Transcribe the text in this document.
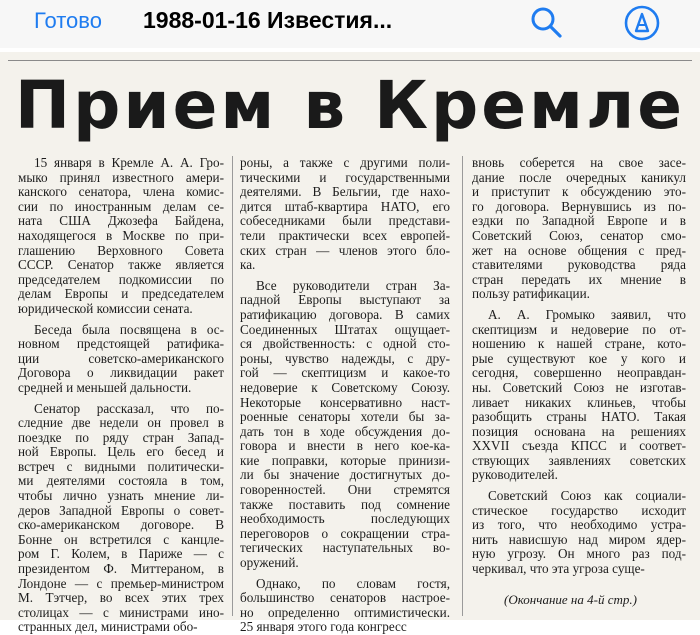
Готово 1988-01-16 Известия...
Прием в Кремле
15 января в Кремле А. А. Гро-
мыко принял известного амери-
канского сенатора, члена комис-
сии по иностранным делам се-
ната США Джозефа Байдена,
находящегося в Москве по при-
глашению Верховного Совета
СССР. Сенатор также является
председателем подкомиссии по
делам Европы и председателем
юридической комиссии сената.
Беседа была посвящена в ос-
новном предстоящей ратифика-
ции советско-американского
Договора о ликвидации ракет
средней и меньшей дальности.
Сенатор рассказал, что по-
следние две недели он провел в
поездке по ряду стран Запад-
ной Европы. Цель его бесед и
встреч с видными политически-
ми деятелями состояла в том,
чтобы лично узнать мнение ли-
деров Западной Европы о совет-
ско-американском договоре. В
Бонне он встретился с канцле-
ром Г. Колем, в Париже — с
президентом Ф. Миттераном, в
Лондоне — с премьер-министром
М. Тэтчер, во всех этих трех
столицах — с министрами ино-
странных дел, министрами обо-
роны, а также с другими поли-
тическими и государственными
деятелями. В Бельгии, где нахо-
дится штаб-квартира НАТО, его
собеседниками были представи-
тели практически всех европей-
ских стран — членов этого бло-
ка.
Все руководители стран За-
падной Европы выступают за
ратификацию договора. В самих
Соединенных Штатах ощущает-
ся двойственность: с одной сто-
роны, чувство надежды, с дру-
гой — скептицизм и какое-то
недоверие к Советскому Союзу.
Некоторые консервативно наст-
роенные сенаторы хотели бы за-
дать тон в ходе обсуждения до-
говора и внести в него кое-ка-
кие поправки, которые принизи-
ли бы значение достигнутых до-
говоренностей. Они стремятся
также поставить под сомнение
необходимость последующих
переговоров о сокращении стра-
тегических наступательных во-
оружений.
Однако, по словам гостя,
большинство сенаторов настрое-
но определенно оптимистически.
25 января этого года конгресс
вновь соберется на свое засе-
дание после очередных каникул
и приступит к обсуждению это-
го договора. Вернувшись из по-
ездки по Западной Европе и в
Советский Союз, сенатор смо-
жет на основе общения с пред-
ставителями руководства ряда
стран передать их мнение в
пользу ратификации.
А. А. Громыко заявил, что
скептицизм и недоверие по от-
ношению к нашей стране, кото-
рые существуют кое у кого и
сегодня, совершенно неоправдан-
ны. Советский Союз не изготав-
ливает никаких клиньев, чтобы
разобщить страны НАТО. Такая
позиция основана на решениях
XXVII съезда КПСС и соответ-
ствующих заявлениях советских
руководителей.
Советский Союз как социали-
стическое государство исходит
из того, что необходимо устра-
нить нависшую над миром ядер-
ную угрозу. Он много раз под-
черкивал, что эта угроза суще-
(Окончание на 4-й стр.)
